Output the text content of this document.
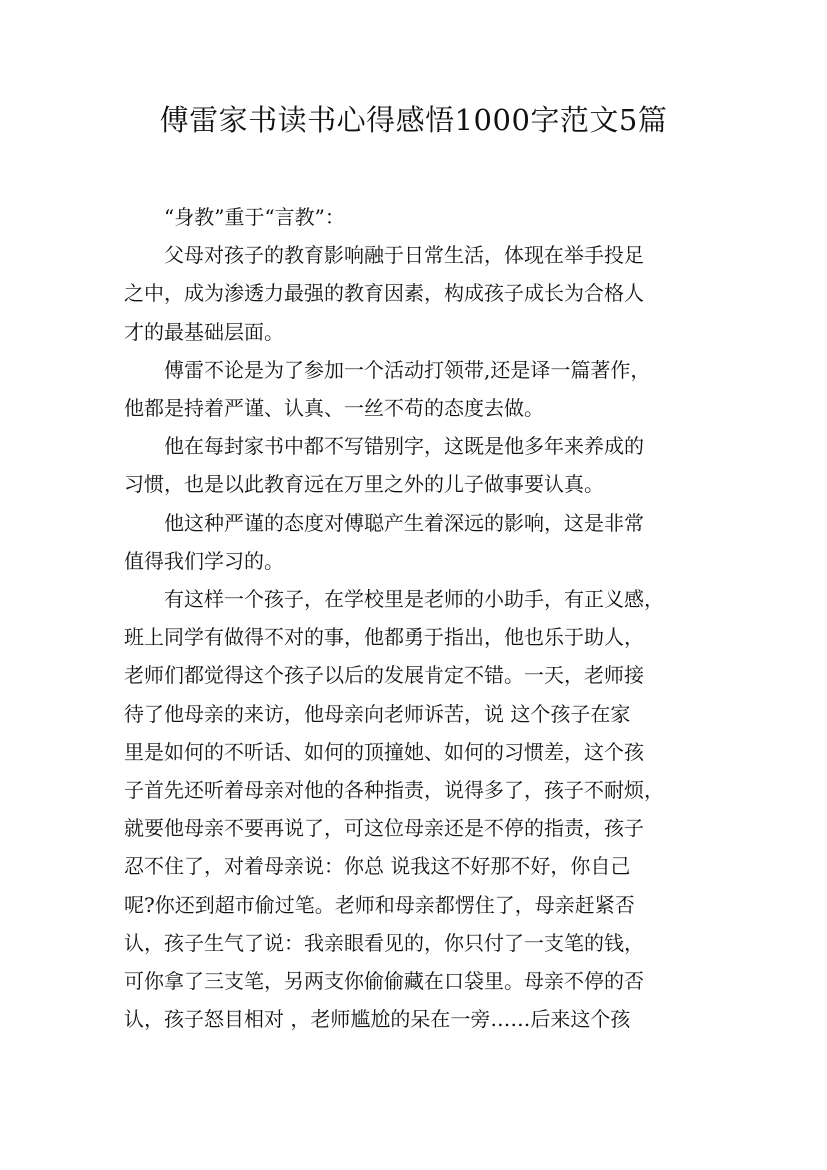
傅雷家书读书心得感悟1000字范文5篇

“身教”重于“言教”：

父母对孩子的教育影响融于日常生活，体现在举手投足
之中，成为渗透力最强的教育因素，构成孩子成长为合格人
才的最基础层面。

傅雷不论是为了参加一个活动打领带,还是译一篇著作，
他都是持着严谨、认真、一丝不苟的态度去做。

他在每封家书中都不写错别字，这既是他多年来养成的
习惯，也是以此教育远在万里之外的儿子做事要认真。

他这种严谨的态度对傅聪产生着深远的影响，这是非常
值得我们学习的。

有这样一个孩子，在学校里是老师的小助手，有正义感，
班上同学有做得不对的事，他都勇于指出，他也乐于助人，
老师们都觉得这个孩子以后的发展肯定不错。一天，老师接
待了他母亲的来访，他母亲向老师诉苦，说 这个孩子在家
里是如何的不听话、如何的顶撞她、如何的习惯差，这个孩
子首先还听着母亲对他的各种指责，说得多了，孩子不耐烦，
就要他母亲不要再说了，可这位母亲还是不停的指责，孩子
忍不住了，对着母亲说：你总 说我这不好那不好，你自己
呢?你还到超市偷过笔。老师和母亲都愣住了，母亲赶紧否
认，孩子生气了说：我亲眼看见的，你只付了一支笔的钱，
可你拿了三支笔，另两支你偷偷藏在口袋里。母亲不停的否
认，孩子怒目相对 ，老师尴尬的呆在一旁……后来这个孩
